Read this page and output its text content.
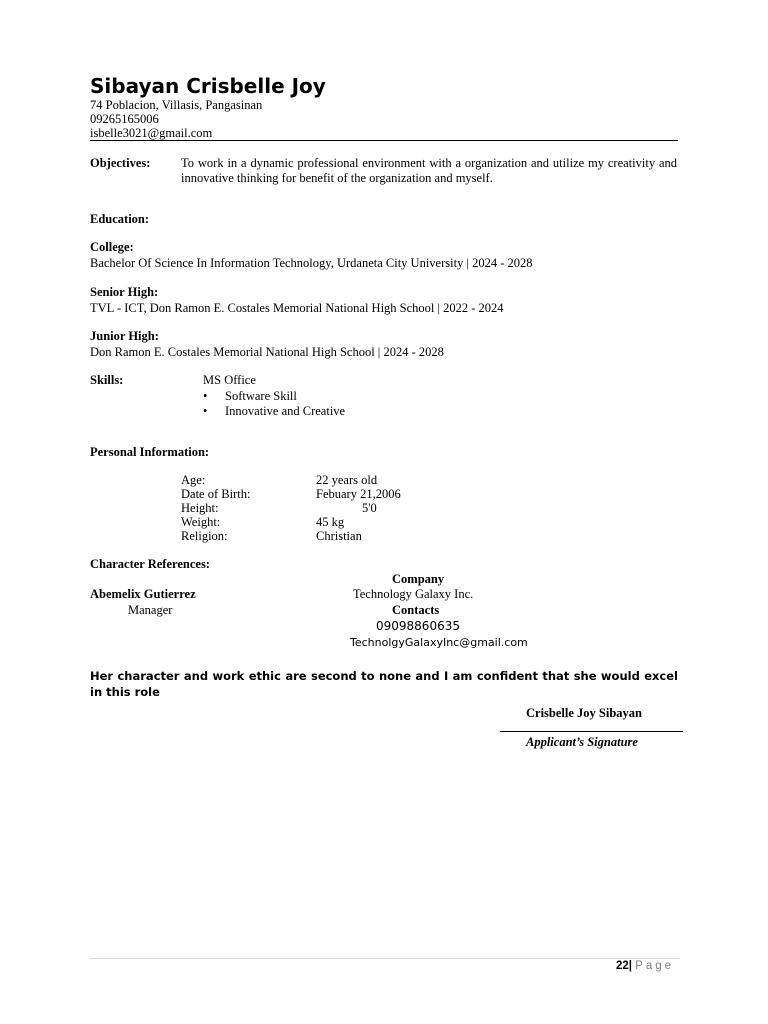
Sibayan Crisbelle Joy
74 Poblacion, Villasis, Pangasinan
09265165006
isbelle3021@gmail.com
Objectives: To work in a dynamic professional environment with a organization and utilize my creativity and innovative thinking for benefit of the organization and myself.
Education:
College:
Bachelor Of Science In Information Technology, Urdaneta City University | 2024 - 2028
Senior High:
TVL - ICT, Don Ramon E. Costales Memorial National High School | 2022 - 2024
Junior High:
Don Ramon E. Costales Memorial National High School | 2024 - 2028
Skills:	MS Office
• Software Skill
• Innovative and Creative
Personal Information:
Age:	22 years old
Date of Birth:	Febuary 21,2006
Height:	5'0
Weight:	45 kg
Religion:	Christian
Character References:
Company
Abemelix Gutierrez	Technology Galaxy Inc.
Manager	Contacts
09098860635
TechnolgyGalaxyInc@gmail.com
Her character and work ethic are second to none and I am confident that she would excel in this role
Crisbelle Joy Sibayan
Applicant’s Signature
22| Page
